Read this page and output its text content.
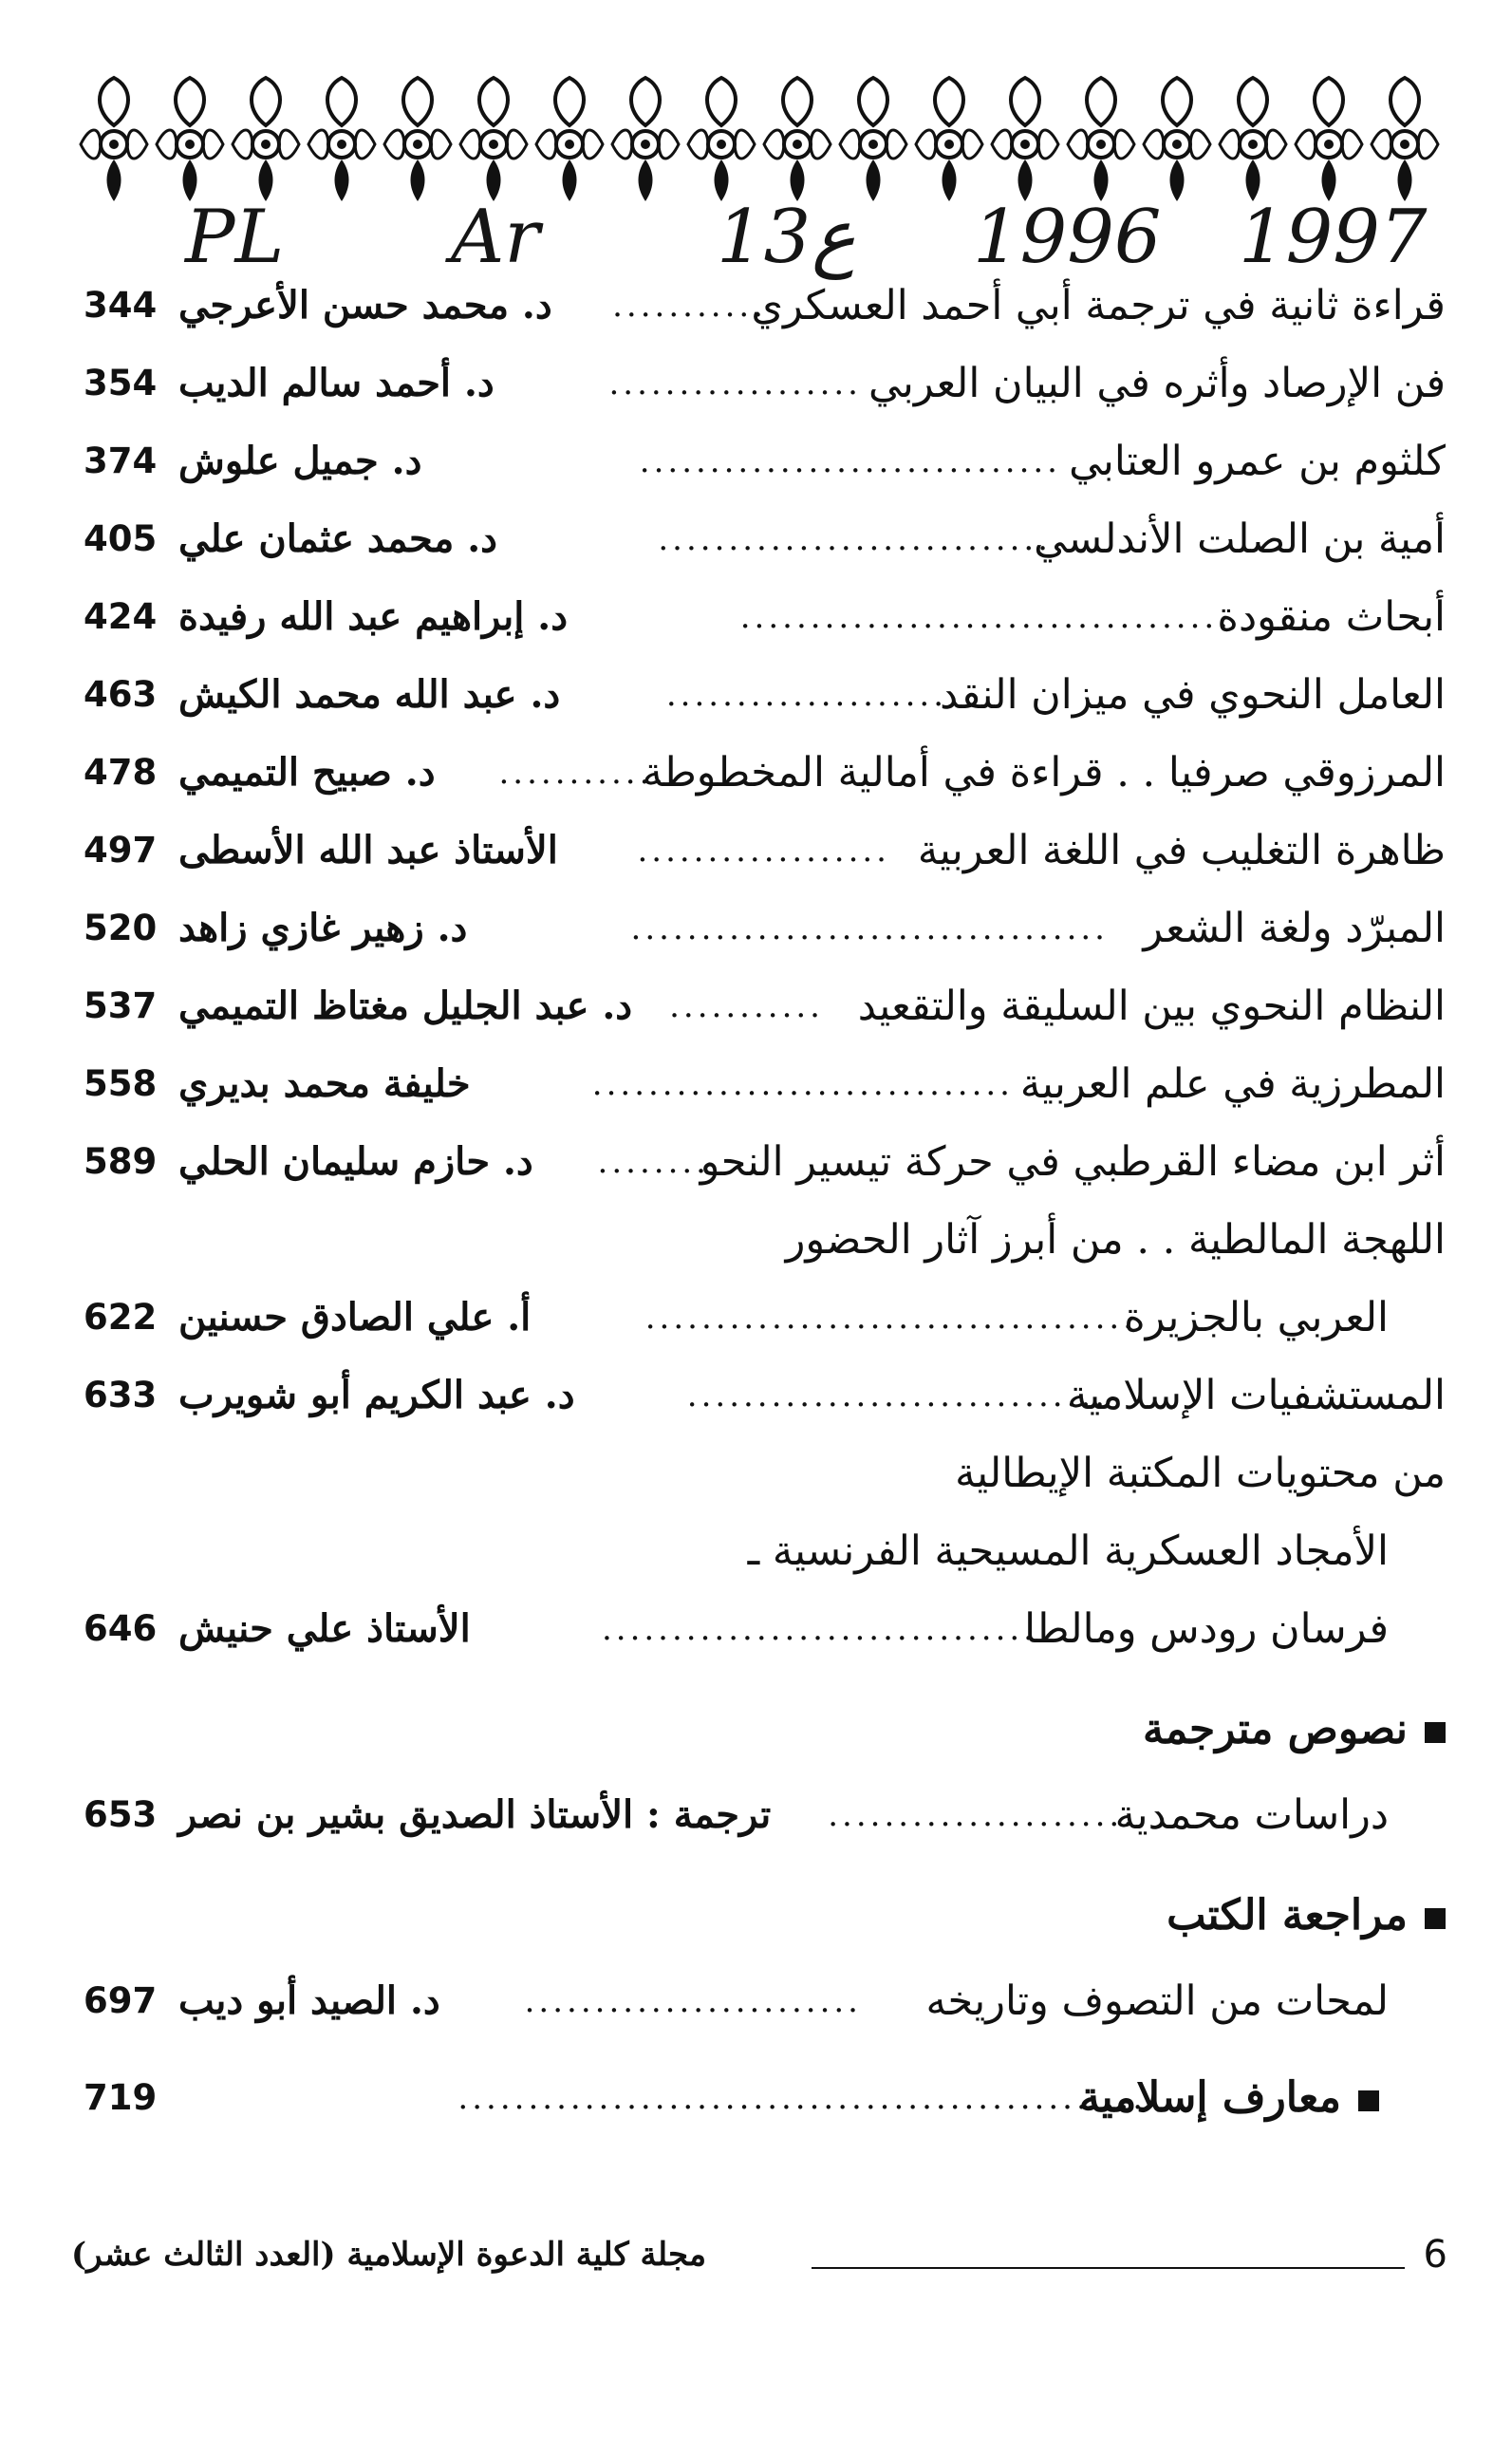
PL Ar 13 ع 1996 1997
قراءة ثانية في ترجمة أبي أحمد العسكري
...........
د. محمد حسن الأعرجي
344
فن الإرصاد وأثره في البيان العربي
..................
د. أحمد سالم الديب
354
كلثوم بن عمرو العتابي
..............................
د. جميل علوش
374
أمية بن الصلت الأندلسي
............................
د. محمد عثمان علي
405
أبحاث منقودة
...................................
د. إبراهيم عبد الله رفيدة
424
العامل النحوي في ميزان النقد
....................
د. عبد الله محمد الكيش
463
المرزوقي صرفيا . . قراءة في أمالية المخطوطة
.............
د. صبيح التميمي
478
ظاهرة التغليب في اللغة العربية
..................
الأستاذ عبد الله الأسطى
497
المبرّد ولغة الشعر
..................................
د. زهير غازي زاهد
520
النظام النحوي بين السليقة والتقعيد
...........
د. عبد الجليل مغتاظ التميمي
537
المطرزية في علم العربية
..............................
خليفة محمد بديري
558
أثر ابن مضاء القرطبي في حركة تيسير النحو
........
د. حازم سليمان الحلي
589
اللهجة المالطية . . من أبرز آثار الحضور
العربي بالجزيرة
...................................
أ. علي الصادق حسنين
622
المستشفيات الإسلامية
..............................
د. عبد الكريم أبو شويرب
633
من محتويات المكتبة الإيطالية
الأمجاد العسكرية المسيحية الفرنسية ـ
فرسان رودس ومالطا
...............................
الأستاذ علي حنيش
646
نصوص مترجمة
دراسات محمدية
......................
ترجمة : الأستاذ الصديق بشير بن نصر
653
مراجعة الكتب
لمحات من التصوف وتاريخه
........................
د. الصيد أبو ديب
697
معارف إسلامية
.................................................
719
6
مجلة كلية الدعوة الإسلامية (العدد الثالث عشر)
